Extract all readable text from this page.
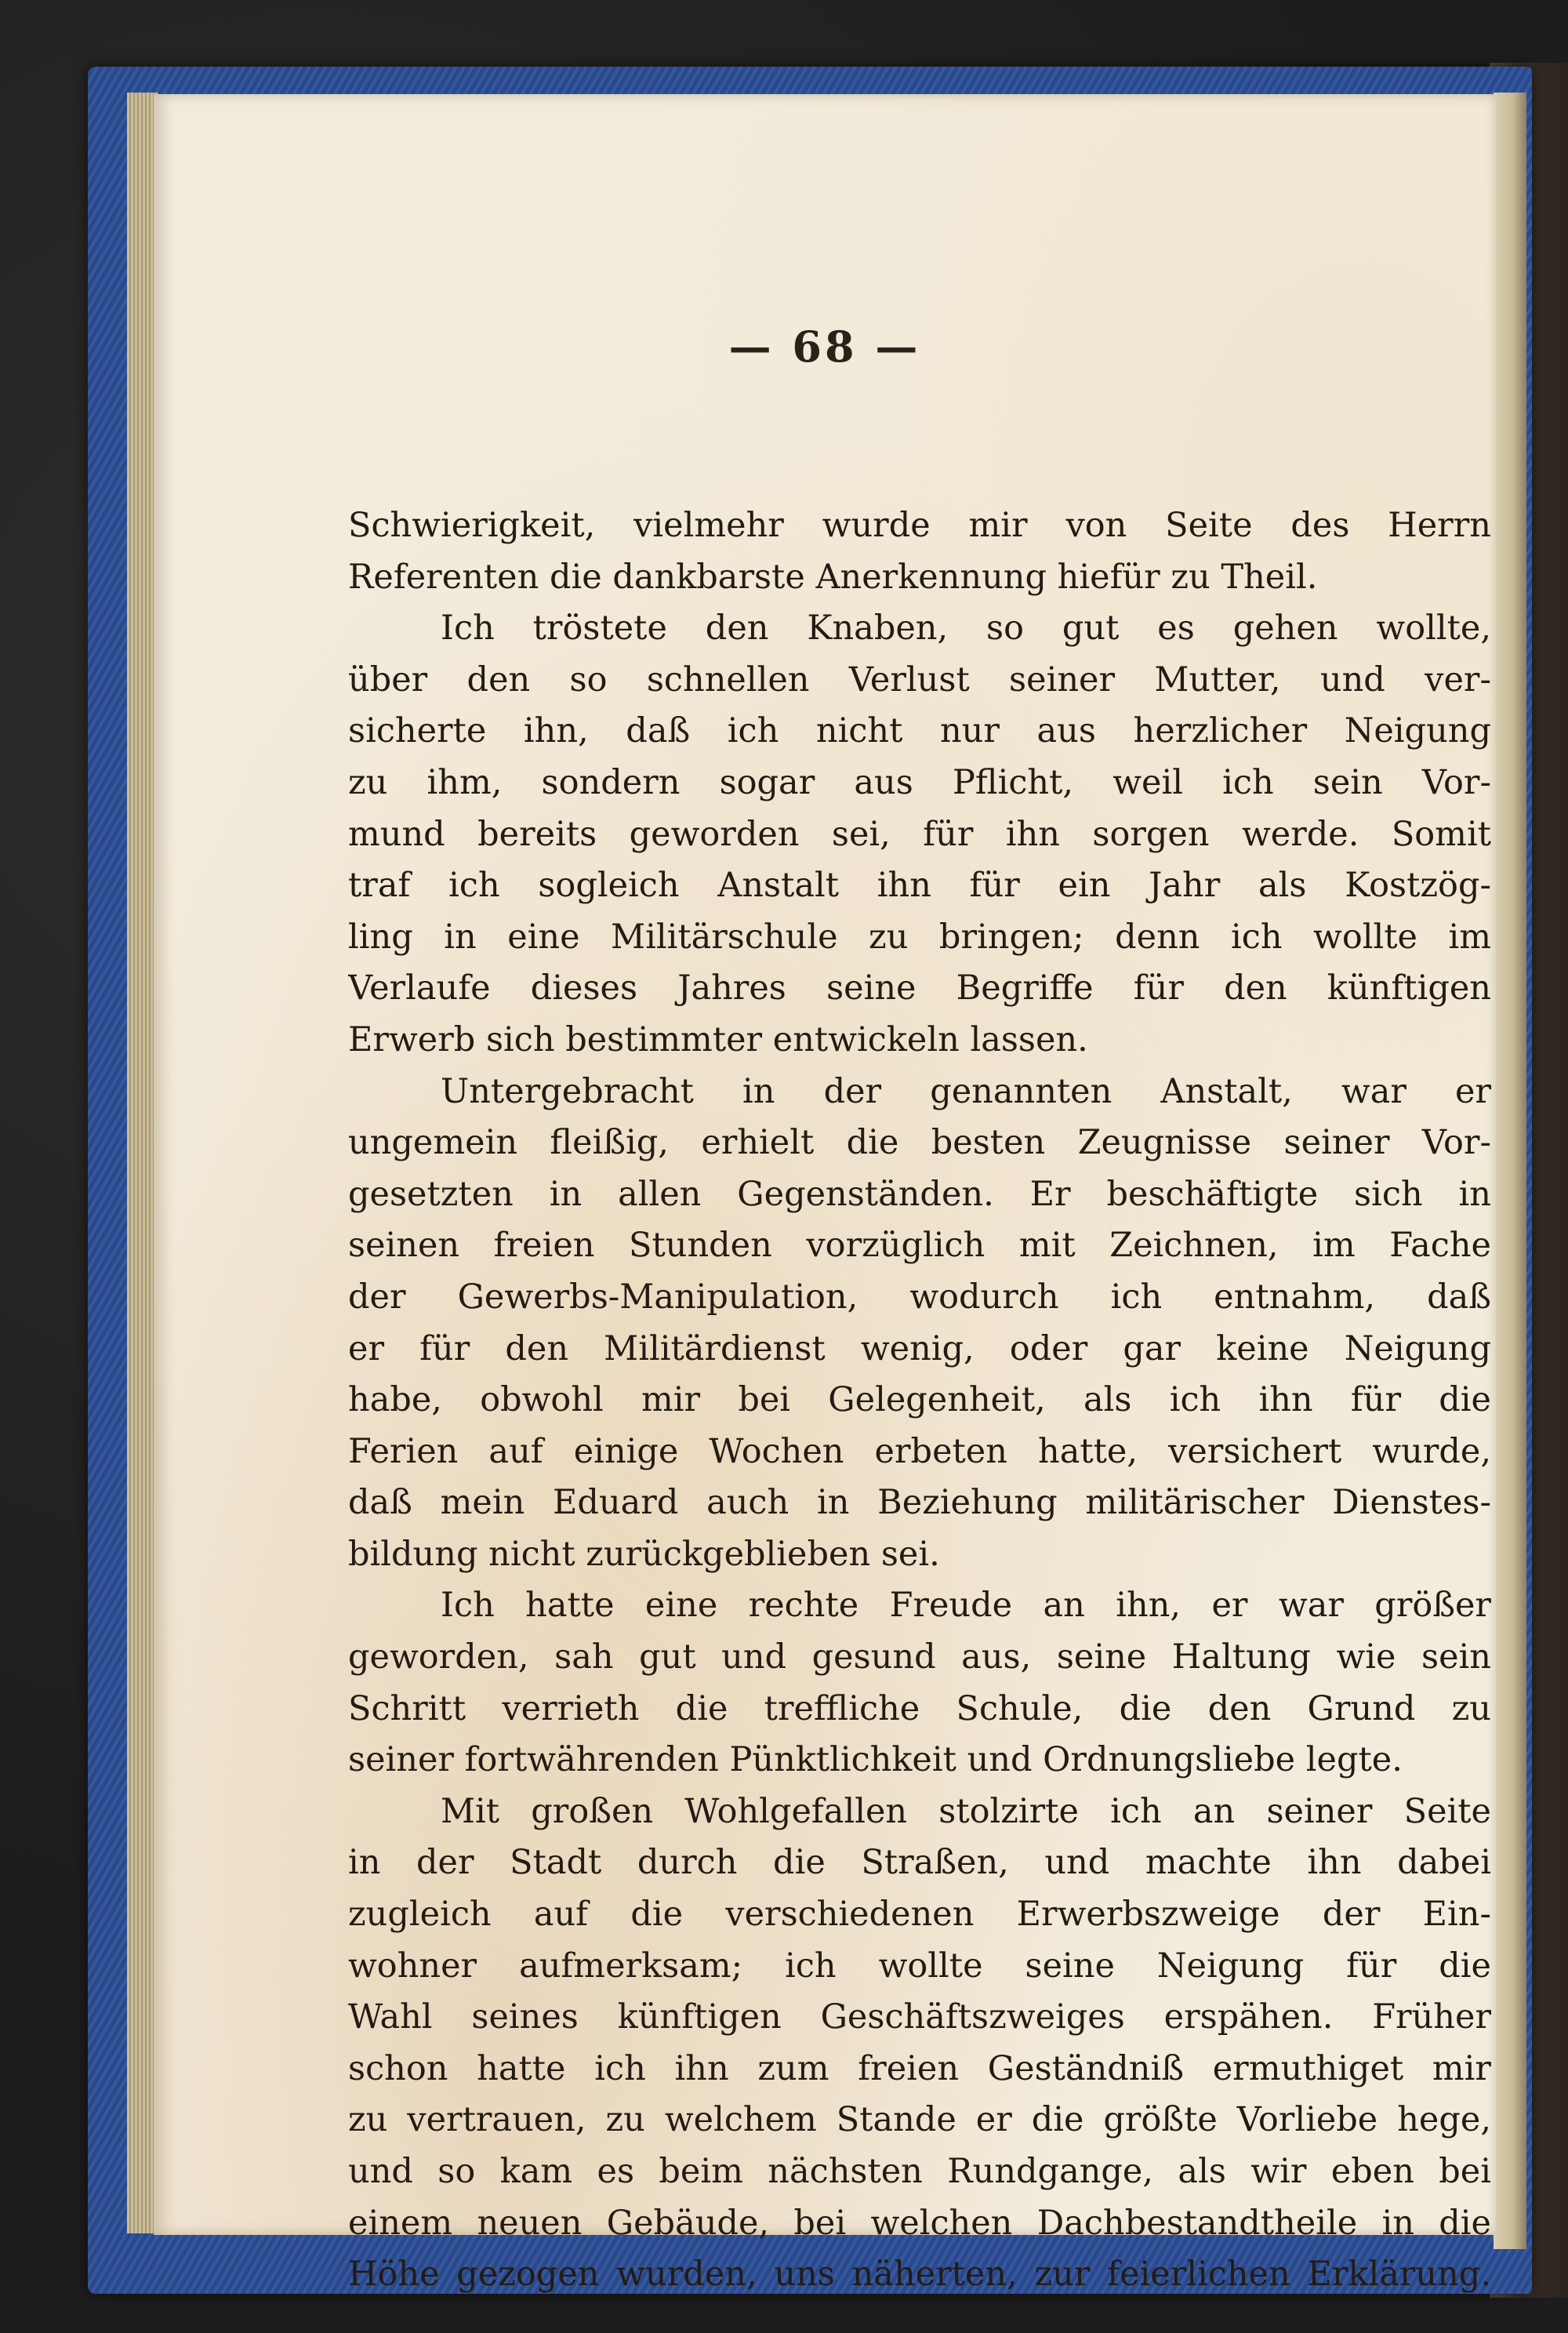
— 68 —
Schwierigkeit, vielmehr wurde mir von Seite des Herrn
Referenten die dankbarste Anerkennung hiefür zu Theil.
Ich tröstete den Knaben, so gut es gehen wollte,
über den so schnellen Verlust seiner Mutter, und ver-
sicherte ihn, daß ich nicht nur aus herzlicher Neigung
zu ihm, sondern sogar aus Pflicht, weil ich sein Vor-
mund bereits geworden sei, für ihn sorgen werde. Somit
traf ich sogleich Anstalt ihn für ein Jahr als Kostzög-
ling in eine Militärschule zu bringen; denn ich wollte im
Verlaufe dieses Jahres seine Begriffe für den künftigen
Erwerb sich bestimmter entwickeln lassen.
Untergebracht in der genannten Anstalt, war er
ungemein fleißig, erhielt die besten Zeugnisse seiner Vor-
gesetzten in allen Gegenständen. Er beschäftigte sich in
seinen freien Stunden vorzüglich mit Zeichnen, im Fache
der Gewerbs-Manipulation, wodurch ich entnahm, daß
er für den Militärdienst wenig, oder gar keine Neigung
habe, obwohl mir bei Gelegenheit, als ich ihn für die
Ferien auf einige Wochen erbeten hatte, versichert wurde,
daß mein Eduard auch in Beziehung militärischer Dienstes-
bildung nicht zurückgeblieben sei.
Ich hatte eine rechte Freude an ihn, er war größer
geworden, sah gut und gesund aus, seine Haltung wie sein
Schritt verrieth die treffliche Schule, die den Grund zu
seiner fortwährenden Pünktlichkeit und Ordnungsliebe legte.
Mit großen Wohlgefallen stolzirte ich an seiner Seite
in der Stadt durch die Straßen, und machte ihn dabei
zugleich auf die verschiedenen Erwerbszweige der Ein-
wohner aufmerksam; ich wollte seine Neigung für die
Wahl seines künftigen Geschäftszweiges erspähen. Früher
schon hatte ich ihn zum freien Geständniß ermuthiget mir
zu vertrauen, zu welchem Stande er die größte Vorliebe hege,
und so kam es beim nächsten Rundgange, als wir eben bei
einem neuen Gebäude, bei welchen Dachbestandtheile in die
Höhe gezogen wurden, uns näherten, zur feierlichen Erklärung.
